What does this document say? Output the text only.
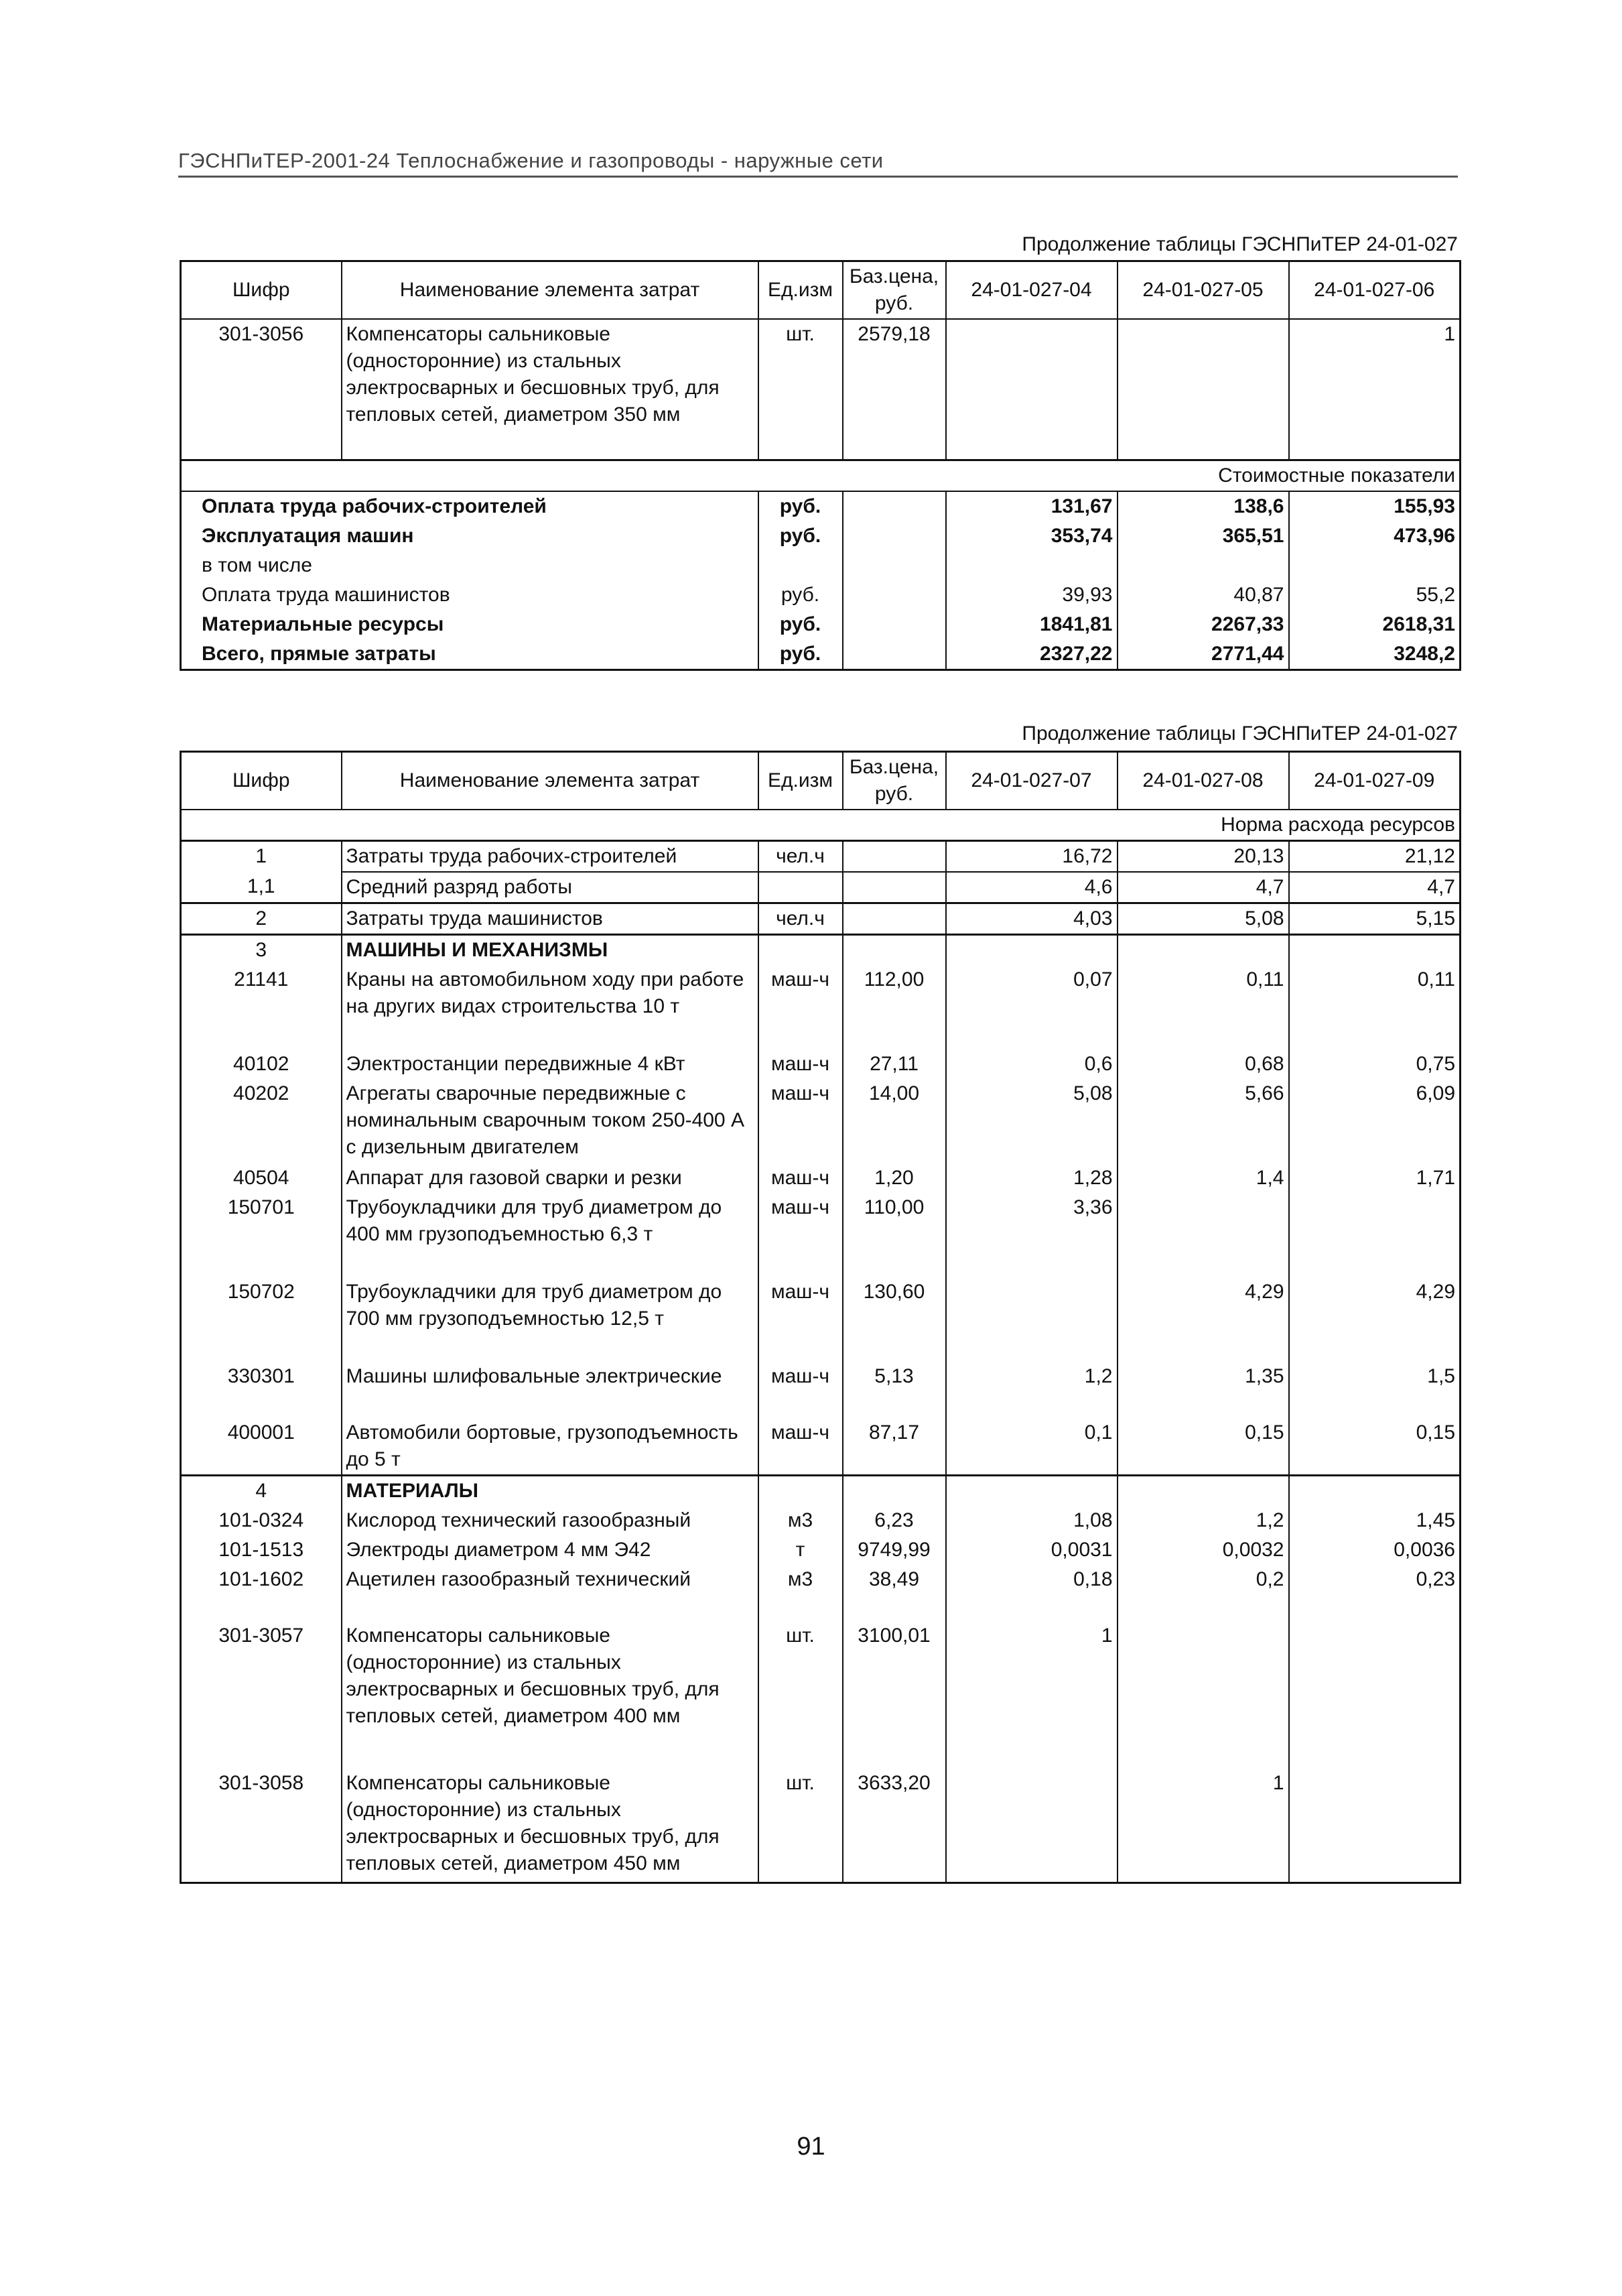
ГЭСНПиТЕР-2001-24 Теплоснабжение и газопроводы - наружные сети
Продолжение таблицы ГЭСНПиТЕР 24-01-027
Шифр	Наименование элемента затрат	Ед.изм	Баз.цена, руб.	24-01-027-04	24-01-027-05	24-01-027-06
301-3056	Компенсаторы сальниковые (односторонние) из стальных электросварных и бесшовных труб, для тепловых сетей, диаметром 350 мм	шт.	2579,18			1
Стоимостные показатели						
Оплата труда рабочих-строителей		руб.		131,67	138,6	155,93
Эксплуатация машин		руб.		353,74	365,51	473,96
в том числе						
Оплата труда машинистов		руб.		39,93	40,87	55,2
Материальные ресурсы		руб.		1841,81	2267,33	2618,31
Всего, прямые затраты		руб.		2327,22	2771,44	3248,2
Продолжение таблицы ГЭСНПиТЕР 24-01-027
Шифр	Наименование элемента затрат	Ед.изм	Баз.цена, руб.	24-01-027-07	24-01-027-08	24-01-027-09
Норма расхода ресурсов						
1	Затраты труда рабочих-строителей	чел.ч		16,72	20,13	21,12
1,1	Средний разряд работы			4,6	4,7	4,7
2	Затраты труда машинистов	чел.ч		4,03	5,08	5,15
3	МАШИНЫ И МЕХАНИЗМЫ					
21141	Краны на автомобильном ходу при работе на других видах строительства 10 т	маш-ч	112,00	0,07	0,11	0,11
40102	Электростанции передвижные 4 кВт	маш-ч	27,11	0,6	0,68	0,75
40202	Агрегаты сварочные передвижные с номинальным сварочным током 250-400 А с дизельным двигателем	маш-ч	14,00	5,08	5,66	6,09
40504	Аппарат для газовой сварки и резки	маш-ч	1,20	1,28	1,4	1,71
150701	Трубоукладчики для труб диаметром до 400 мм грузоподъемностью 6,3 т	маш-ч	110,00	3,36		
150702	Трубоукладчики для труб диаметром до 700 мм грузоподъемностью 12,5 т	маш-ч	130,60		4,29	4,29
330301	Машины шлифовальные электрические	маш-ч	5,13	1,2	1,35	1,5
400001	Автомобили бортовые, грузоподъемность до 5 т	маш-ч	87,17	0,1	0,15	0,15
4	МАТЕРИАЛЫ					
101-0324	Кислород технический газообразный	м3	6,23	1,08	1,2	1,45
101-1513	Электроды диаметром 4 мм Э42	т	9749,99	0,0031	0,0032	0,0036
101-1602	Ацетилен газообразный технический	м3	38,49	0,18	0,2	0,23
301-3057	Компенсаторы сальниковые (односторонние) из стальных электросварных и бесшовных труб, для тепловых сетей, диаметром 400 мм	шт.	3100,01	1		
301-3058	Компенсаторы сальниковые (односторонние) из стальных электросварных и бесшовных труб, для тепловых сетей, диаметром 450 мм	шт.	3633,20		1	
91
